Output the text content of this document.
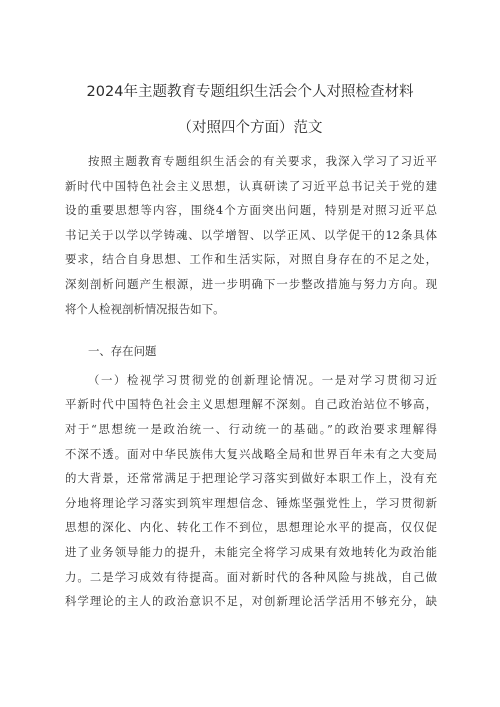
2024年主题教育专题组织生活会个人对照检查材料
（对照四个方面）范文
按照主题教育专题组织生活会的有关要求，我深入学习了习近平
新时代中国特色社会主义思想，认真研读了习近平总书记关于党的建
设的重要思想等内容，围绕4个方面突出问题，特别是对照习近平总
书记关于以学以学铸魂、以学增智、以学正风、以学促干的12条具体
要求，结合自身思想、工作和生活实际，对照自身存在的不足之处，
深刻剖析问题产生根源，进一步明确下一步整改措施与努力方向。现
将个人检视剖析情况报告如下。
一、存在问题
（一）检视学习贯彻党的创新理论情况。一是对学习贯彻习近
平新时代中国特色社会主义思想理解不深刻。自己政治站位不够高，
对于“思想统一是政治统一、行动统一的基础。”的政治要求理解得
不深不透。面对中华民族伟大复兴战略全局和世界百年未有之大变局
的大背景，还常常满足于把理论学习落实到做好本职工作上，没有充
分地将理论学习落实到筑牢理想信念、锤炼坚强党性上，学习贯彻新
思想的深化、内化、转化工作不到位，思想理论水平的提高，仅仅促
进了业务领导能力的提升，未能完全将学习成果有效地转化为政治能
力。二是学习成效有待提高。面对新时代的各种风险与挑战，自己做
科学理论的主人的政治意识不足，对创新理论活学活用不够充分，缺
